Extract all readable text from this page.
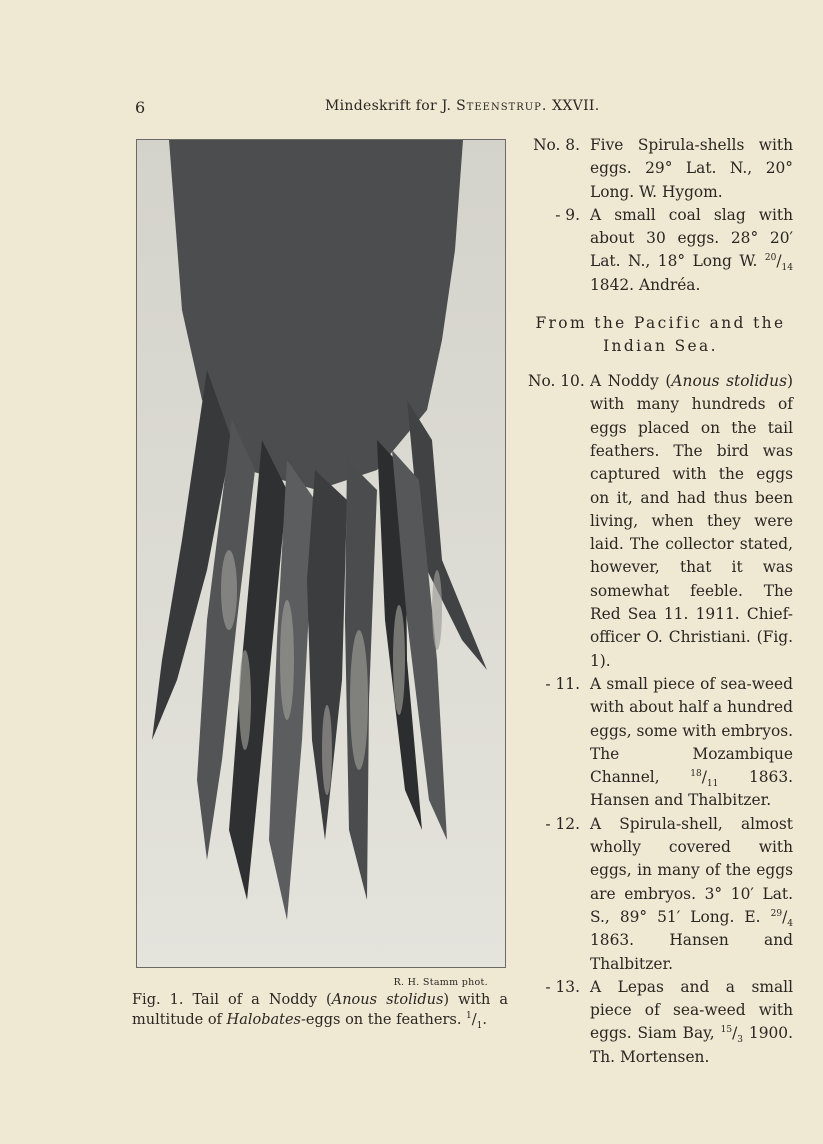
6	Mindeskrift for J. Steenstrup. XXVII.
R. H. Stamm phot.
Fig. 1. Tail of a Noddy (Anous stolidus) with a multitude of Halobates-eggs on the feathers. $^1/_1$.
No. 8. Five Spirula-shells with eggs. 29° Lat. N., 20° Long. W. Hygom.
- 9. A small coal slag with about 30 eggs. 28° 20′ Lat. N., 18° Long W. $^{20}/_{14}$ 1842. Andréa.
From the Pacific and the Indian Sea.
No. 10. A Noddy (Anous stolidus) with many hundreds of eggs placed on the tail feathers. The bird was captured with the eggs on it, and had thus been living, when they were laid. The collector stated, however, that it was somewhat feeble. The Red Sea 11. 1911. Chief-officer O. Christiani. (Fig. 1).
- 11. A small piece of sea-weed with about half a hundred eggs, some with embryos. The Mozambique Channel,	$^{18}/_{11}$ 1863. Hansen and Thalbitzer.
- 12. A Spirula-shell, almost wholly covered with eggs, in many of the eggs are embryos. 3° 10′ Lat. S., 89° 51′ Long. E. $^{29}/_4$ 1863. Hansen and Thalbitzer.
- 13. A Lepas and a small piece of sea-weed with eggs. Siam Bay, $^{15}/_3$ 1900. Th. Mortensen.
